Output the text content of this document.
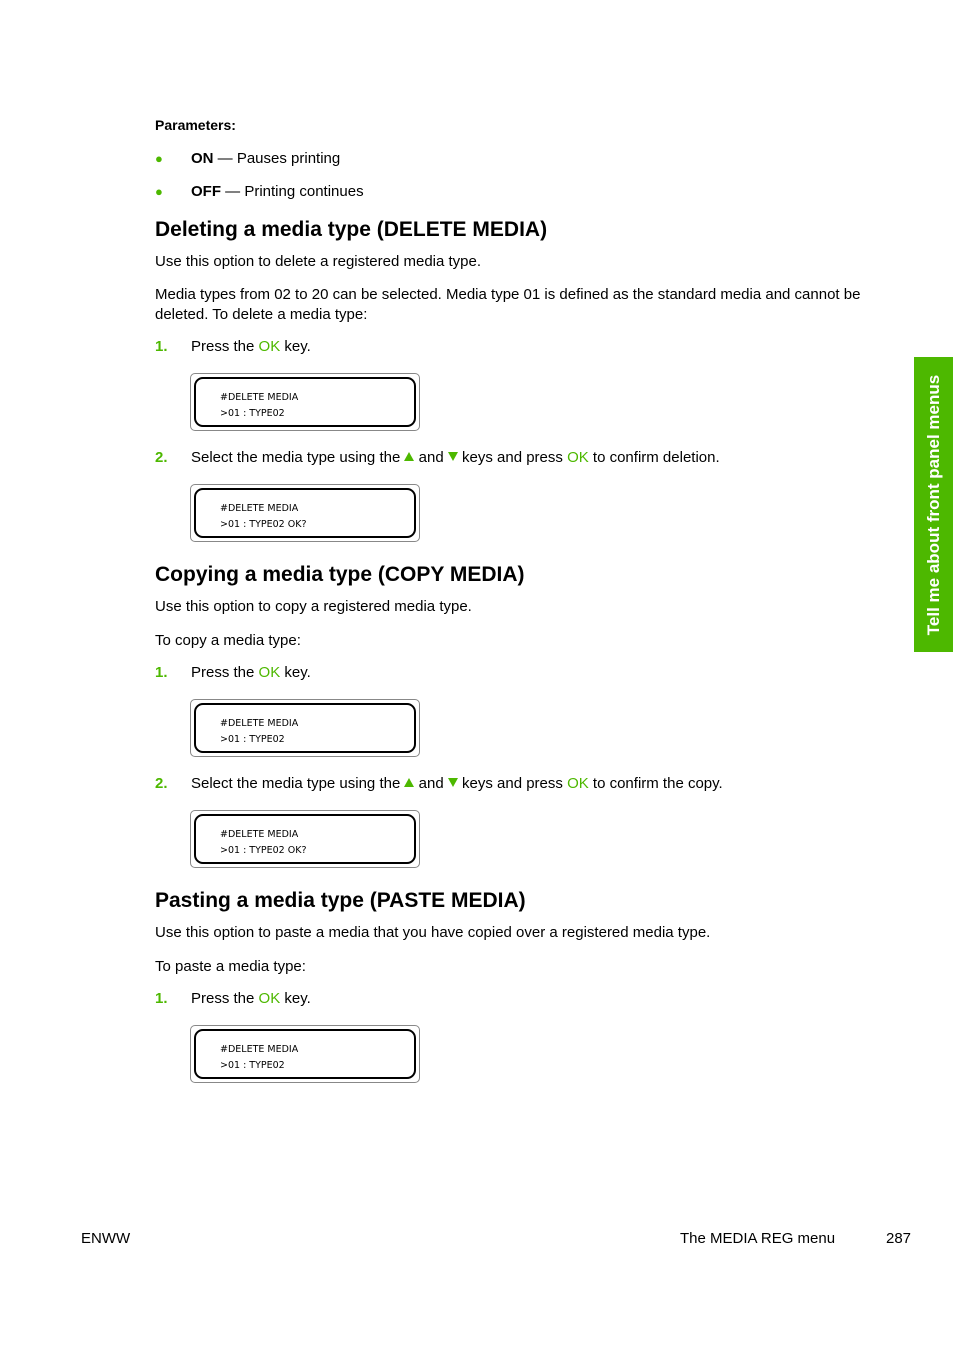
Parameters:
● ON — Pauses printing
● OFF — Printing continues
Deleting a media type (DELETE MEDIA)
Use this option to delete a registered media type.
Media types from 02 to 20 can be selected. Media type 01 is defined as the standard media and cannot be deleted. To delete a media type:
1. Press the OK key.
#DELETE MEDIA
>01 : TYPE02
2. Select the media type using the  and  keys and press OK to confirm deletion.
#DELETE MEDIA
>01 : TYPE02 OK?
Copying a media type (COPY MEDIA)
Use this option to copy a registered media type.
To copy a media type:
1. Press the OK key.
#DELETE MEDIA
>01 : TYPE02
2. Select the media type using the  and  keys and press OK to confirm the copy.
#DELETE MEDIA
>01 : TYPE02 OK?
Pasting a media type (PASTE MEDIA)
Use this option to paste a media that you have copied over a registered media type.
To paste a media type:
1. Press the OK key.
#DELETE MEDIA
>01 : TYPE02
Tell me about front panel menus
ENWW	The MEDIA REG menu	287
